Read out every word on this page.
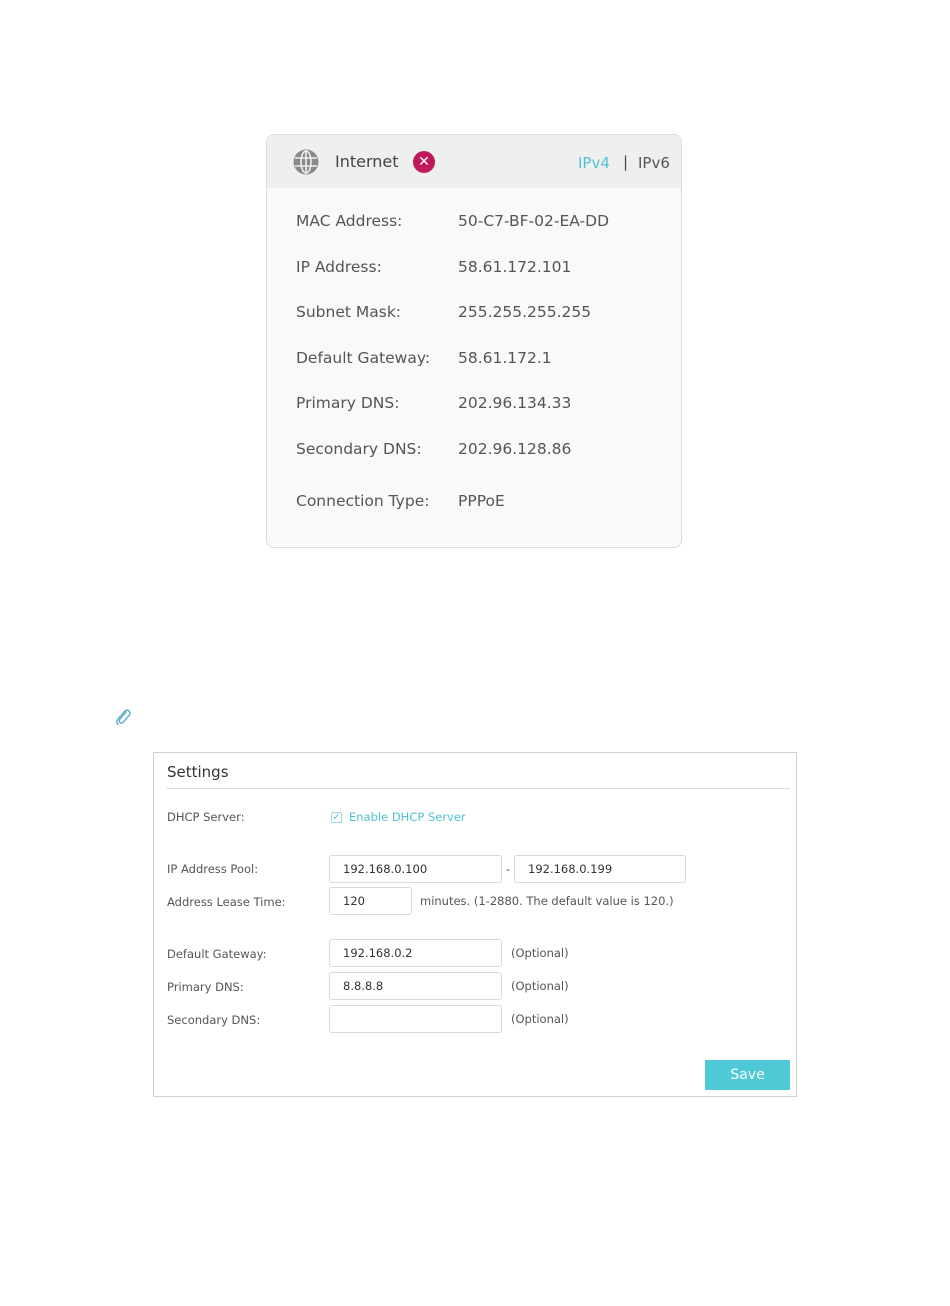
Internet	✕	IPv4 | IPv6
MAC Address:	50-C7-BF-02-EA-DD
IP Address:	58.61.172.101
Subnet Mask:	255.255.255.255
Default Gateway: 58.61.172.1
Primary DNS:	202.96.134.33
Secondary DNS: 202.96.128.86
Connection Type: PPPoE
Settings
DHCP Server:	✓ Enable DHCP Server
IP Address Pool:
192.168.0.100	-
192.168.0.199
Address Lease Time:
120	minutes. (1-2880. The default value is 120.)
Default Gateway:
192.168.0.2	(Optional)
Primary DNS:
8.8.8.8	(Optional)
Secondary DNS:	(Optional)
Save
